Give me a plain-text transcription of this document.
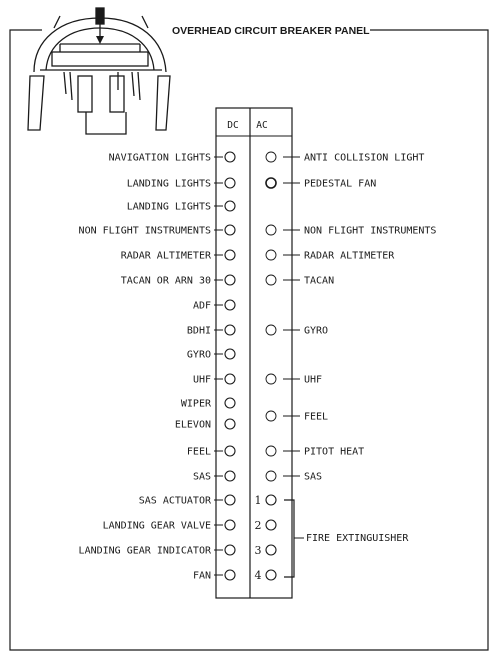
OVERHEAD CIRCUIT BREAKER PANEL
DC AC
NAVIGATION LIGHTS
LANDING LIGHTS
LANDING LIGHTS
NON FLIGHT INSTRUMENTS
RADAR ALTIMETER
TACAN OR ARN 30
ADF
BDHI
GYRO
UHF
WIPER
ELEVON
FEEL
SAS
SAS ACTUATOR
LANDING GEAR VALVE
LANDING GEAR INDICATOR
FAN
ANTI COLLISION LIGHT
PEDESTAL FAN
NON FLIGHT INSTRUMENTS
RADAR ALTIMETER
TACAN
GYRO
UHF
FEEL
PITOT HEAT
SAS
FIRE EXTINGUISHER
1
2
3
4
